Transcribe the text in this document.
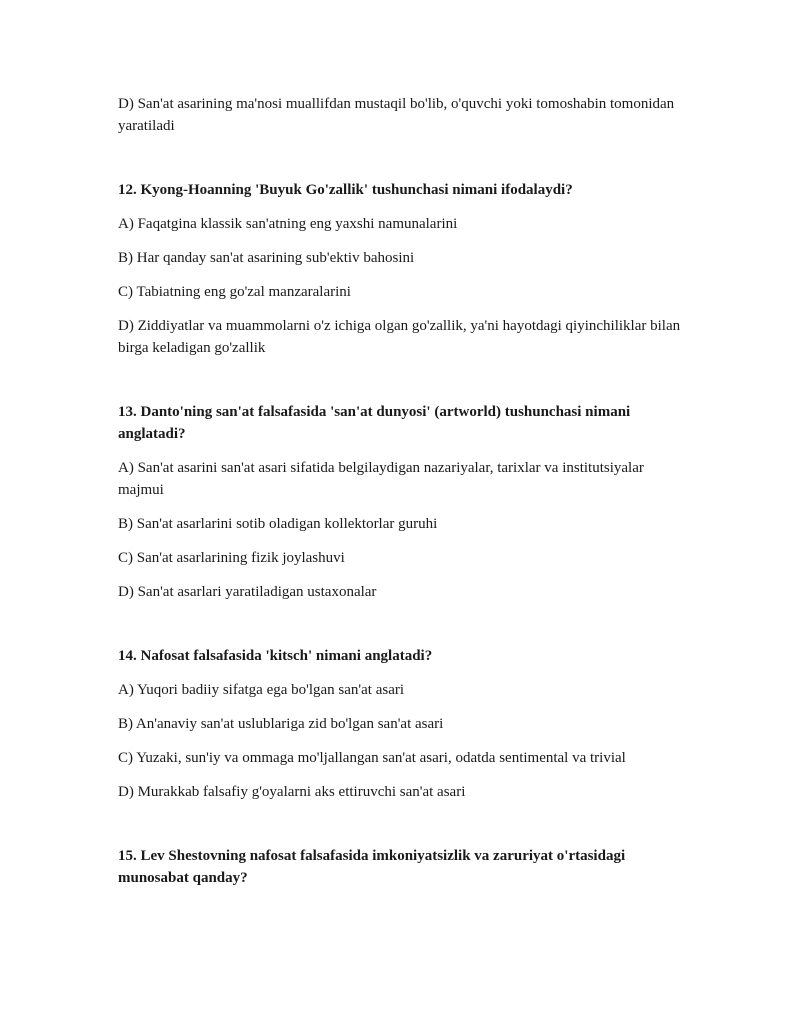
D) San'at asarining ma'nosi muallifdan mustaqil bo'lib, o'quvchi yoki tomoshabin tomonidan yaratiladi

12. Kyong-Hoanning 'Buyuk Go'zallik' tushunchasi nimani ifodalaydi?

A) Faqatgina klassik san'atning eng yaxshi namunalarini

B) Har qanday san'at asarining sub'ektiv bahosini

C) Tabiatning eng go'zal manzaralarini

D) Ziddiyatlar va muammolarni o'z ichiga olgan go'zallik, ya'ni hayotdagi qiyinchiliklar bilan birga keladigan go'zallik

13. Danto'ning san'at falsafasida 'san'at dunyosi' (artworld) tushunchasi nimani anglatadi?

A) San'at asarini san'at asari sifatida belgilaydigan nazariyalar, tarixlar va institutsiyalar majmui

B) San'at asarlarini sotib oladigan kollektorlar guruhi

C) San'at asarlarining fizik joylashuvi

D) San'at asarlari yaratiladigan ustaxonalar

14. Nafosat falsafasida 'kitsch' nimani anglatadi?

A) Yuqori badiiy sifatga ega bo'lgan san'at asari

B) An'anaviy san'at uslublariga zid bo'lgan san'at asari

C) Yuzaki, sun'iy va ommaga mo'ljallangan san'at asari, odatda sentimental va trivial

D) Murakkab falsafiy g'oyalarni aks ettiruvchi san'at asari

15. Lev Shestovning nafosat falsafasida imkoniyatsizlik va zaruriyat o'rtasidagi munosabat qanday?
